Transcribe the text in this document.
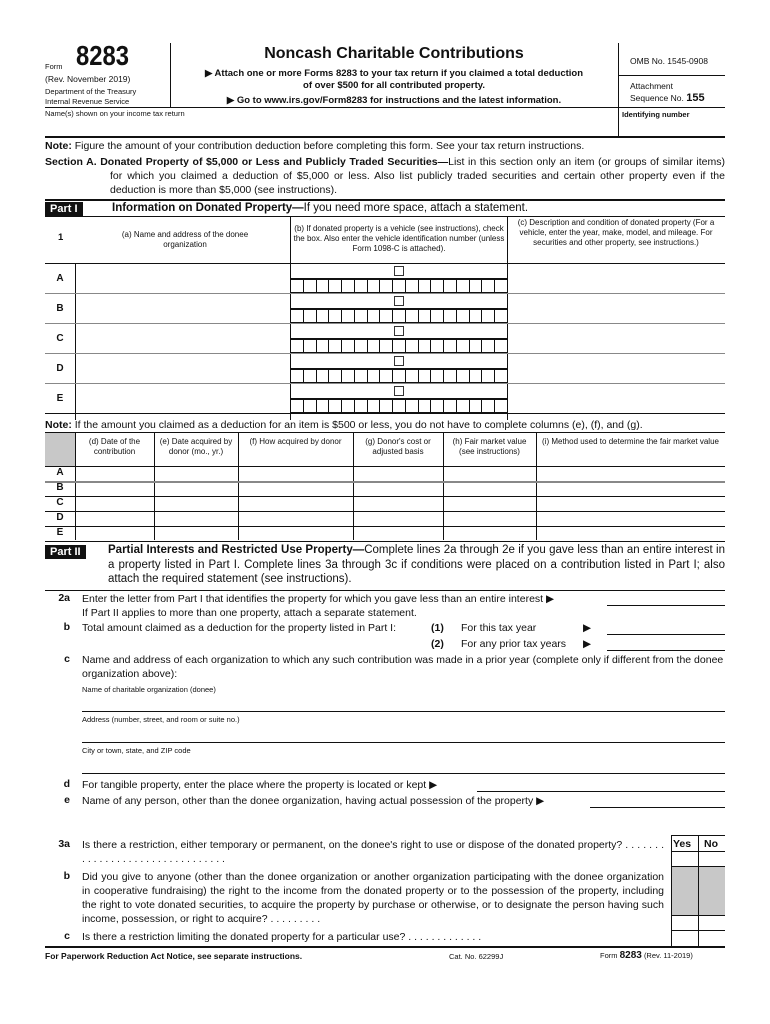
Form 8283
(Rev. November 2019)
Department of the Treasury
Internal Revenue Service
Noncash Charitable Contributions
▶ Attach one or more Forms 8283 to your tax return if you claimed a total deduction
of over $500 for all contributed property.
▶ Go to www.irs.gov/Form8283 for instructions and the latest information.
OMB No. 1545-0908
Attachment
Sequence No. 155
Name(s) shown on your income tax return	Identifying number
Note: Figure the amount of your contribution deduction before completing this form. See your tax return instructions.
Section A. Donated Property of $5,000 or Less and Publicly Traded Securities—List in this section only an item (or groups of similar items) for which you claimed a deduction of $5,000 or less. Also list publicly traded securities and certain other property even if the deduction is more than $5,000 (see instructions).
Part I	Information on Donated Property—If you need more space, attach a statement.
1	(a) Name and address of the donee organization
(b) If donated property is a vehicle (see instructions), check the box. Also enter the vehicle identification number (unless Form 1098-C is attached).
(c) Description and condition of donated property (For a vehicle, enter the year, make, model, and mileage. For securities and other property, see instructions.)
A
B
C
D
E
Note: If the amount you claimed as a deduction for an item is $500 or less, you do not have to complete columns (e), (f), and (g).
(d) Date of the contribution
(e) Date acquired by donor (mo., yr.)
(f) How acquired by donor	(g) Donor's cost or adjusted basis
(h) Fair market value (see instructions)
(i) Method used to determine the fair market value
A
B
C
D
E
Part II	Partial Interests and Restricted Use Property—Complete lines 2a through 2e if you gave less than an entire interest in a property listed in Part I. Complete lines 3a through 3c if conditions were placed on a contribution listed in Part I; also attach the required statement (see instructions).
2a Enter the letter from Part I that identifies the property for which you gave less than an entire interest ▶
If Part II applies to more than one property, attach a separate statement.
b Total amount claimed as a deduction for the property listed in Part I:	(1) For this tax year	▶
(2) For any prior tax years ▶
c Name and address of each organization to which any such contribution was made in a prior year (complete only if different from the donee organization above):
Name of charitable organization (donee)
Address (number, street, and room or suite no.)
City or town, state, and ZIP code
d For tangible property, enter the place where the property is located or kept ▶
e Name of any person, other than the donee organization, having actual possession of the property ▶
Yes No
3a Is there a restriction, either temporary or permanent, on the donee's right to use or dispose of the donated property? . . . . . . . . . . . . . . . . . . . . . . . . . . . . . . . .
b Did you give to anyone (other than the donee organization or another organization participating with the donee organization in cooperative fundraising) the right to the income from the donated property or to the possession of the property, including the right to vote donated securities, to acquire the property by purchase or otherwise, or to designate the person having such income, possession, or right to acquire? . . . . . . . . .
c Is there a restriction limiting the donated property for a particular use? . . . . . . . . . . . . .
For Paperwork Reduction Act Notice, see separate instructions.	Cat. No. 62299J	Form 8283 (Rev. 11-2019)
